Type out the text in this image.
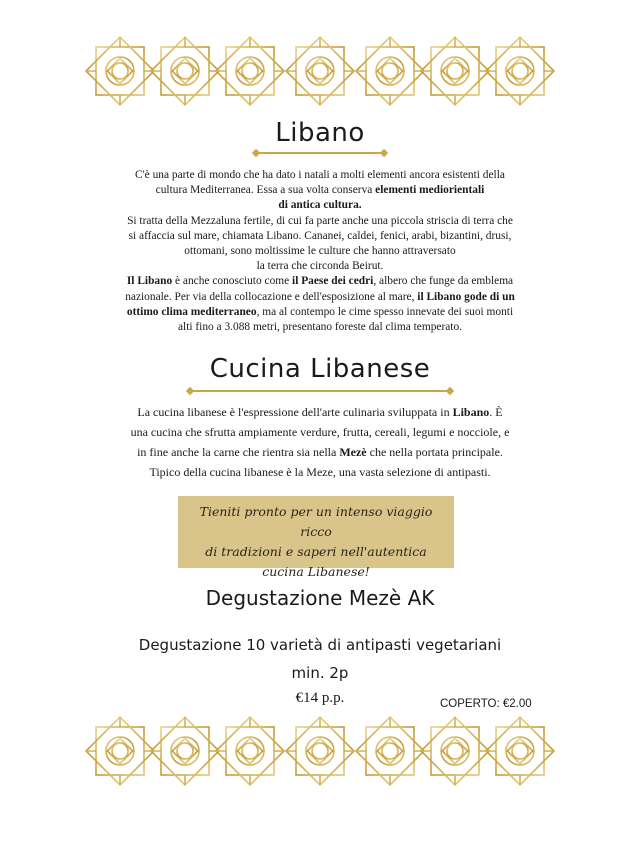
Libano

C'è una parte di mondo che ha dato i natali a molti elementi ancora esistenti della

cultura Mediterranea. Essa a sua volta conserva elementi mediorientali

di antica cultura.

Si tratta della Mezzaluna fertile, di cui fa parte anche una piccola striscia di terra che

si affaccia sul mare, chiamata Libano. Cananei, caldei, fenici, arabi, bizantini, drusi,

ottomani, sono moltissime le culture che hanno attraversato

la terra che circonda Beirut.

Il Libano è anche conosciuto come il Paese dei cedri, albero che funge da emblema

nazionale. Per via della collocazione e dell'esposizione al mare, il Libano gode di un

ottimo clima mediterraneo, ma al contempo le cime spesso innevate dei suoi monti

alti fino a 3.088 metri, presentano foreste dal clima temperato.

Cucina Libanese

La cucina libanese è l'espressione dell'arte culinaria sviluppata in Libano. È

una cucina che sfrutta ampiamente verdure, frutta, cereali, legumi e nocciole, e

in fine anche la carne che rientra sia nella Mezè che nella portata principale.

Tipico della cucina libanese è la Meze, una vasta selezione di antipasti.

Tieniti pronto per un intenso viaggio ricco
di tradizioni e saperi nell'autentica
cucina Libanese!
Degustazione Mezè AK
Degustazione 10 varietà di antipasti vegetariani
min. 2p
€14 p.p.	COPERTO: €2.00
